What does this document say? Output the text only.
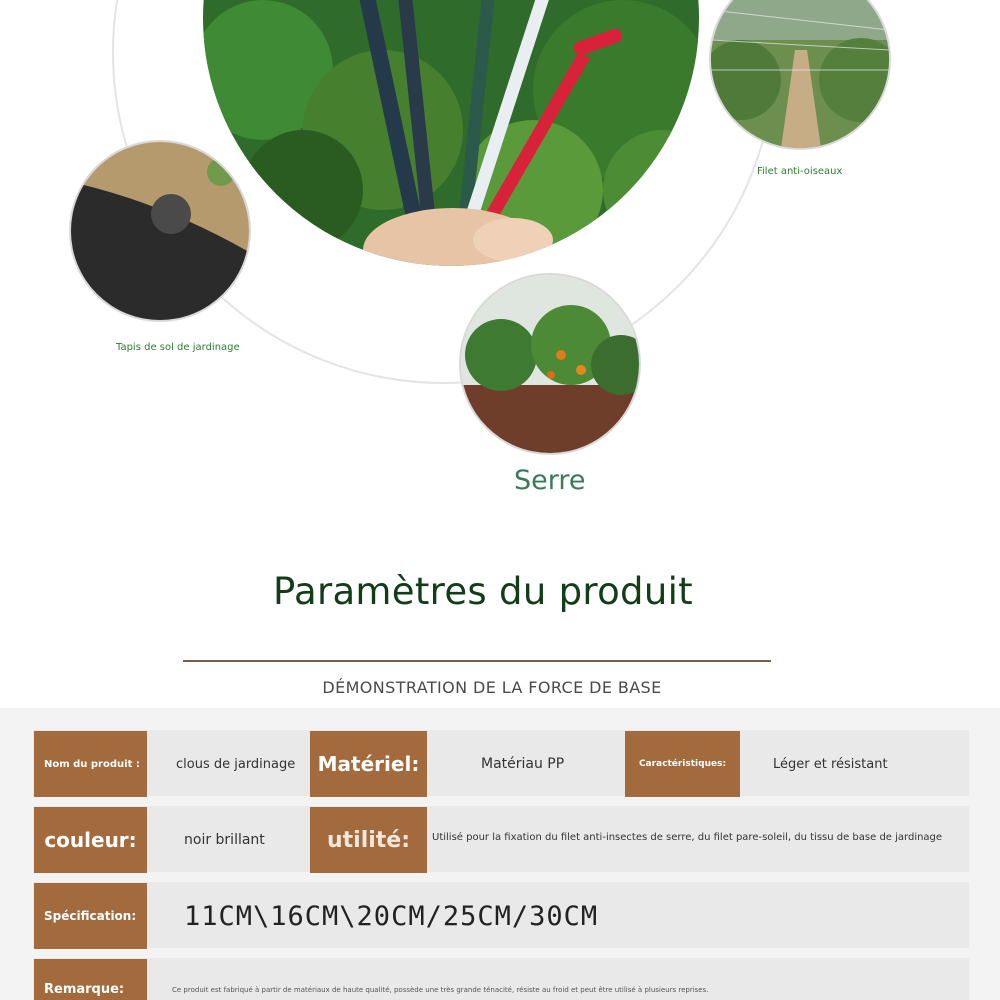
Filet anti-oiseaux
Tapis de sol de jardinage
Serre
Paramètres du produit
DÉMONSTRATION DE LA FORCE DE BASE
Nom du produit :	clous de jardinage	Matériel:	Matériau PP	Caractéristiques:	Léger et résistant
couleur:	noir brillant	utilité:	Utilisé pour la fixation du filet anti-insectes de serre, du filet pare-soleil, du tissu de base de jardinage
Spécification:	11CM\16CM\20CM/25CM/30CM
Remarque:	Ce produit est fabriqué à partir de matériaux de haute qualité, possède une très grande ténacité, résiste au froid et peut être utilisé à plusieurs reprises.
